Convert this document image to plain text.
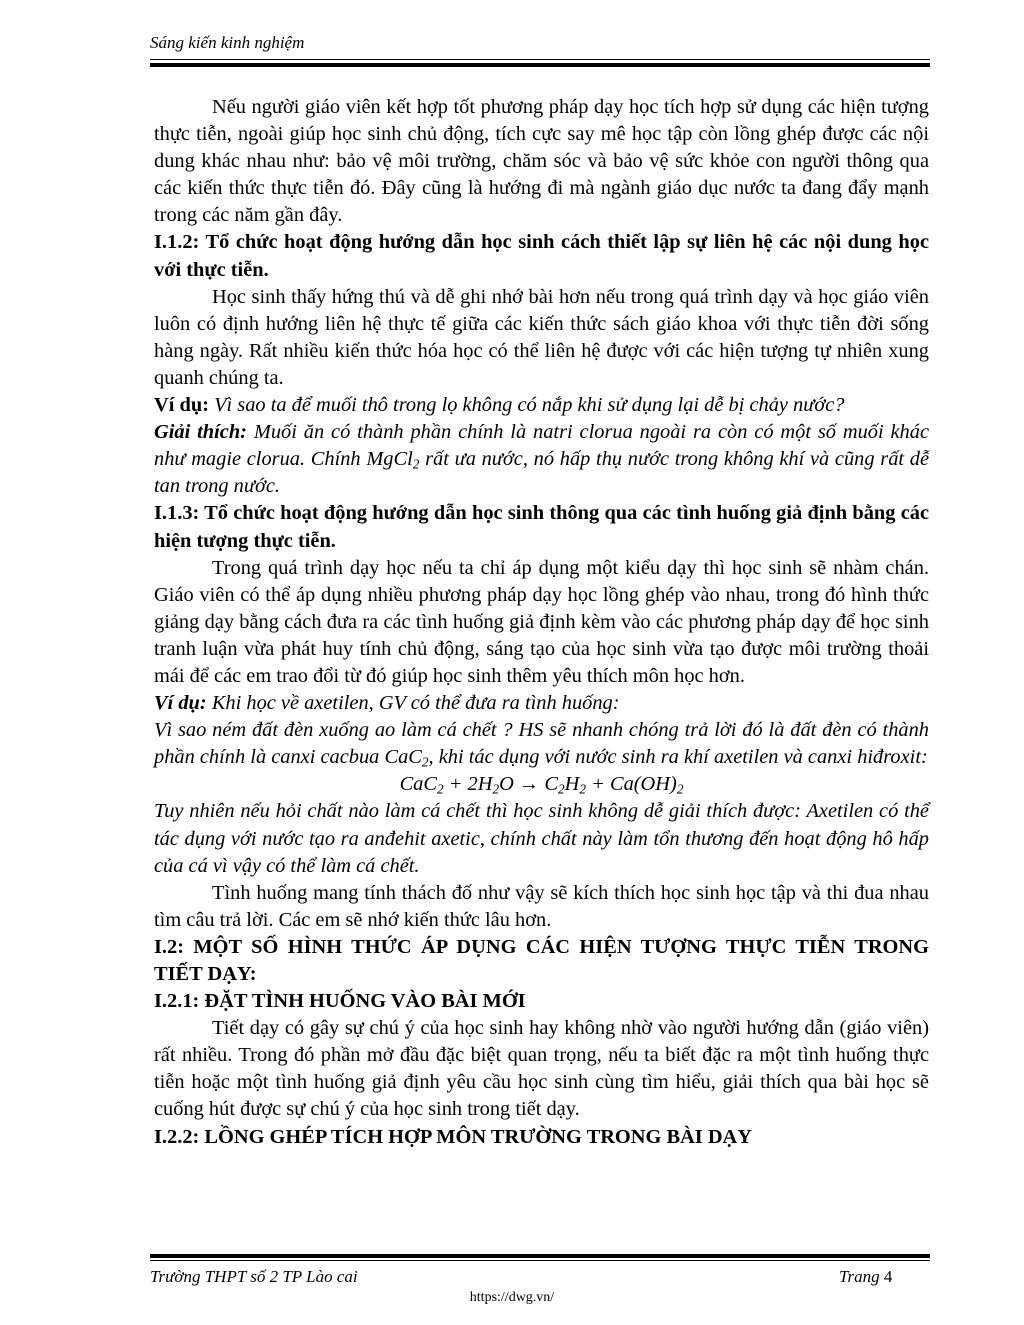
Sáng kiến kinh nghiệm

Nếu người giáo viên kết hợp tốt phương pháp dạy học tích hợp sử dụng các hiện tượng thực tiễn, ngoài giúp học sinh chủ động, tích cực say mê học tập còn lồng ghép được các nội dung khác nhau như: bảo vệ môi trường, chăm sóc và bảo vệ sức khỏe con người thông qua các kiến thức thực tiễn đó. Đây cũng là hướng đi mà ngành giáo dục nước ta đang đẩy mạnh trong các năm gần đây.

I.1.2: Tổ chức hoạt động hướng dẫn học sinh cách thiết lập sự liên hệ các nội dung học với thực tiễn.

Học sinh thấy hứng thú và dễ ghi nhớ bài hơn nếu trong quá trình dạy và học giáo viên luôn có định hướng liên hệ thực tế giữa các kiến thức sách giáo khoa với thực tiễn đời sống hàng ngày. Rất nhiều kiến thức hóa học có thể liên hệ được với các hiện tượng tự nhiên xung quanh chúng ta.

Ví dụ: Vì sao ta để muối thô trong lọ không có nắp khi sử dụng lại dễ bị chảy nước?

Giải thích: Muối ăn có thành phần chính là natri clorua ngoài ra còn có một số muối khác như magie clorua. Chính MgCl$_2$ rất ưa nước, nó hấp thụ nước trong không khí và cũng rất dễ tan trong nước.

I.1.3: Tổ chức hoạt động hướng dẫn học sinh thông qua các tình huống giả định bằng các hiện tượng thực tiễn.

Trong quá trình dạy học nếu ta chỉ áp dụng một kiểu dạy thì học sinh sẽ nhàm chán. Giáo viên có thể áp dụng nhiều phương pháp dạy học lồng ghép vào nhau, trong đó hình thức giảng dạy bằng cách đưa ra các tình huống giả định kèm vào các phương pháp dạy để học sinh tranh luận vừa phát huy tính chủ động, sáng tạo của học sinh vừa tạo được môi trường thoải mái để các em trao đổi từ đó giúp học sinh thêm yêu thích môn học hơn.

Ví dụ: Khi học về axetilen, GV có thể đưa ra tình huống:

Vì sao ném đất đèn xuống ao làm cá chết ? HS sẽ nhanh chóng trả lời đó là đất đèn có thành phần chính là canxi cacbua CaC$_2$, khi tác dụng với nước sinh ra khí axetilen và canxi hiđroxit:

$CaC_2 + 2H_2O \to C_2H_2 + Ca(OH)_2$

Tuy nhiên nếu hỏi chất nào làm cá chết thì học sinh không dễ giải thích được: Axetilen có thể tác dụng với nước tạo ra anđehit axetic, chính chất này làm tổn thương đến hoạt động hô hấp của cá vì vậy có thể làm cá chết.

Tình huống mang tính thách đố như vậy sẽ kích thích học sinh học tập và thi đua nhau tìm câu trả lời. Các em sẽ nhớ kiến thức lâu hơn.

I.2: MỘT SỐ HÌNH THỨC ÁP DỤNG CÁC HIỆN TƯỢNG THỰC TIỄN TRONG TIẾT DẠY:

I.2.1: ĐẶT TÌNH HUỐNG VÀO BÀI MỚI

Tiết dạy có gây sự chú ý của học sinh hay không nhờ vào người hướng dẫn (giáo viên) rất nhiều. Trong đó phần mở đầu đặc biệt quan trọng, nếu ta biết đặc ra một tình huống thực tiễn hoặc một tình huống giả định yêu cầu học sinh cùng tìm hiểu, giải thích qua bài học sẽ cuống hút được sự chú ý của học sinh trong tiết dạy.

I.2.2: LỒNG GHÉP TÍCH HỢP MÔN TRƯỜNG TRONG BÀI DẠY

Trường THPT số 2 TP Lào cai	Trang 4
https://dwg.vn/
